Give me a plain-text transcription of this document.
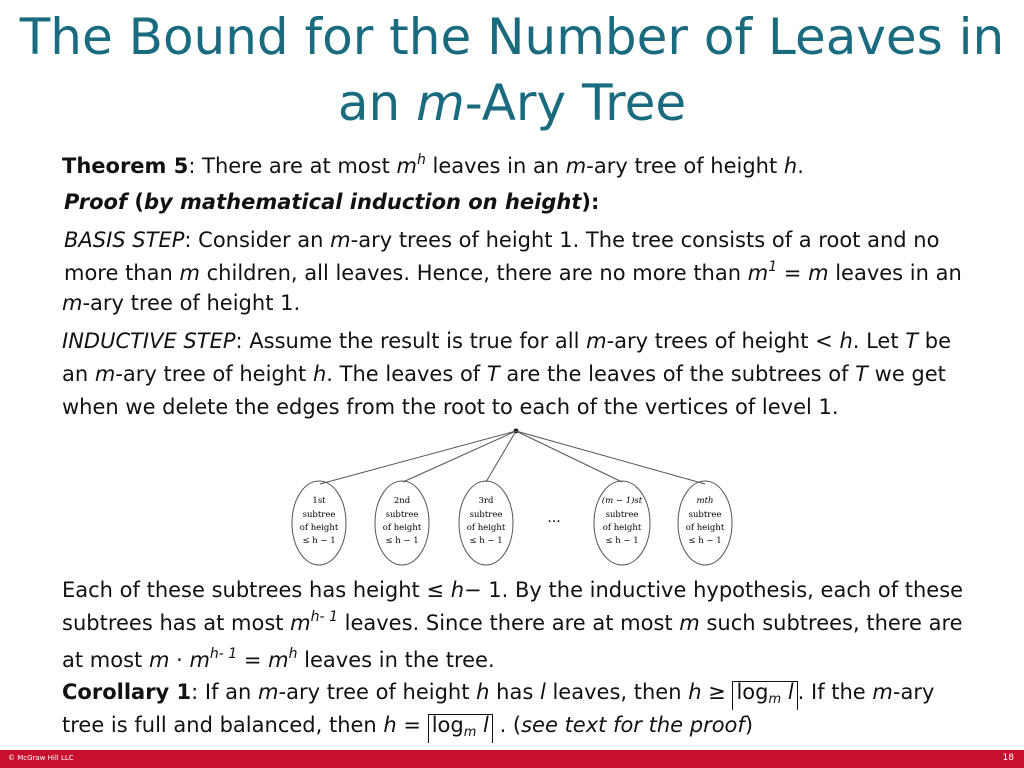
The Bound for the Number of Leaves in
an m-Ary Tree
Theorem 5: There are at most $m^h$ leaves in an m-ary tree of height h.
Proof (by mathematical induction on height):
BASIS STEP: Consider an m-ary trees of height 1. The tree consists of a root and no
more than m children, all leaves. Hence, there are no more than $m^1 = m$ leaves in an
m-ary tree of height 1.
INDUCTIVE STEP: Assume the result is true for all m-ary trees of height < h. Let T be
an m-ary tree of height h. The leaves of T are the leaves of the subtrees of T we get
when we delete the edges from the root to each of the vertices of level 1.
1st
subtree
of height
≤ h − 1
2nd
subtree
of height
≤ h − 1
3rd
subtree
of height
≤ h − 1
...
(m − 1)st
subtree
of height
≤ h − 1
mth
subtree
of height
≤ h − 1
Each of these subtrees has height ≤ h− 1. By the inductive hypothesis, each of these
subtrees has at most $m^{h- 1}$ leaves. Since there are at most m such subtrees, there are
at most $m \cdot m^{h- 1} = m^h$ leaves in the tree.
Corollary 1: If an m-ary tree of height h has l leaves, then $h \ge \log_m l$ . If the m-ary
tree is full and balanced, then $h = \log_m l$ . (see text for the proof)
© McGraw Hill LLC	18
